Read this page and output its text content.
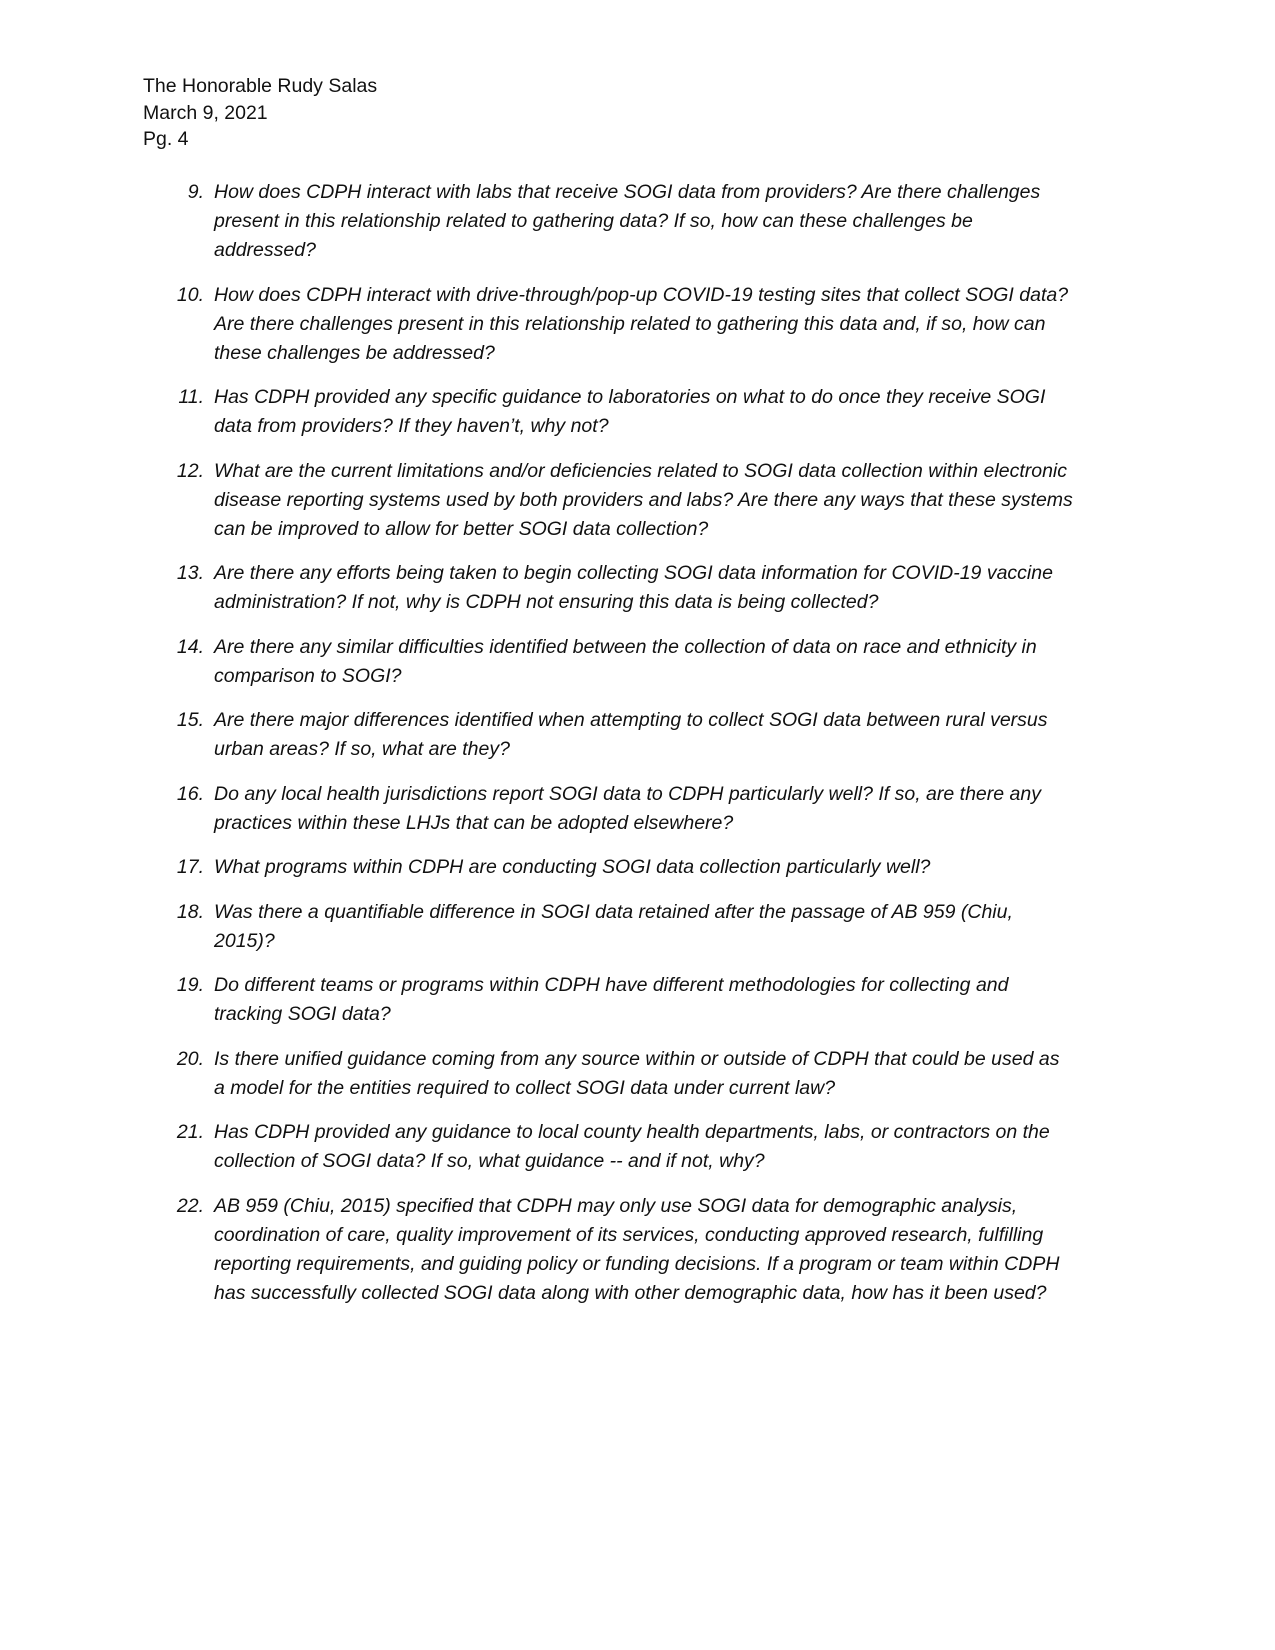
The Honorable Rudy Salas
March 9, 2021
Pg. 4
9. How does CDPH interact with labs that receive SOGI data from providers? Are there challenges present in this relationship related to gathering data? If so, how can these challenges be addressed?
10. How does CDPH interact with drive-through/pop-up COVID-19 testing sites that collect SOGI data? Are there challenges present in this relationship related to gathering this data and, if so, how can these challenges be addressed?
11. Has CDPH provided any specific guidance to laboratories on what to do once they receive SOGI data from providers? If they haven’t, why not?
12. What are the current limitations and/or deficiencies related to SOGI data collection within electronic disease reporting systems used by both providers and labs? Are there any ways that these systems can be improved to allow for better SOGI data collection?
13. Are there any efforts being taken to begin collecting SOGI data information for COVID-19 vaccine administration? If not, why is CDPH not ensuring this data is being collected?
14. Are there any similar difficulties identified between the collection of data on race and ethnicity in comparison to SOGI?
15. Are there major differences identified when attempting to collect SOGI data between rural versus urban areas? If so, what are they?
16. Do any local health jurisdictions report SOGI data to CDPH particularly well? If so, are there any practices within these LHJs that can be adopted elsewhere?
17. What programs within CDPH are conducting SOGI data collection particularly well?
18. Was there a quantifiable difference in SOGI data retained after the passage of AB 959 (Chiu, 2015)?
19. Do different teams or programs within CDPH have different methodologies for collecting and tracking SOGI data?
20. Is there unified guidance coming from any source within or outside of CDPH that could be used as a model for the entities required to collect SOGI data under current law?
21. Has CDPH provided any guidance to local county health departments, labs, or contractors on the collection of SOGI data? If so, what guidance -- and if not, why?
22. AB 959 (Chiu, 2015) specified that CDPH may only use SOGI data for demographic analysis, coordination of care, quality improvement of its services, conducting approved research, fulfilling reporting requirements, and guiding policy or funding decisions. If a program or team within CDPH has successfully collected SOGI data along with other demographic data, how has it been used?
